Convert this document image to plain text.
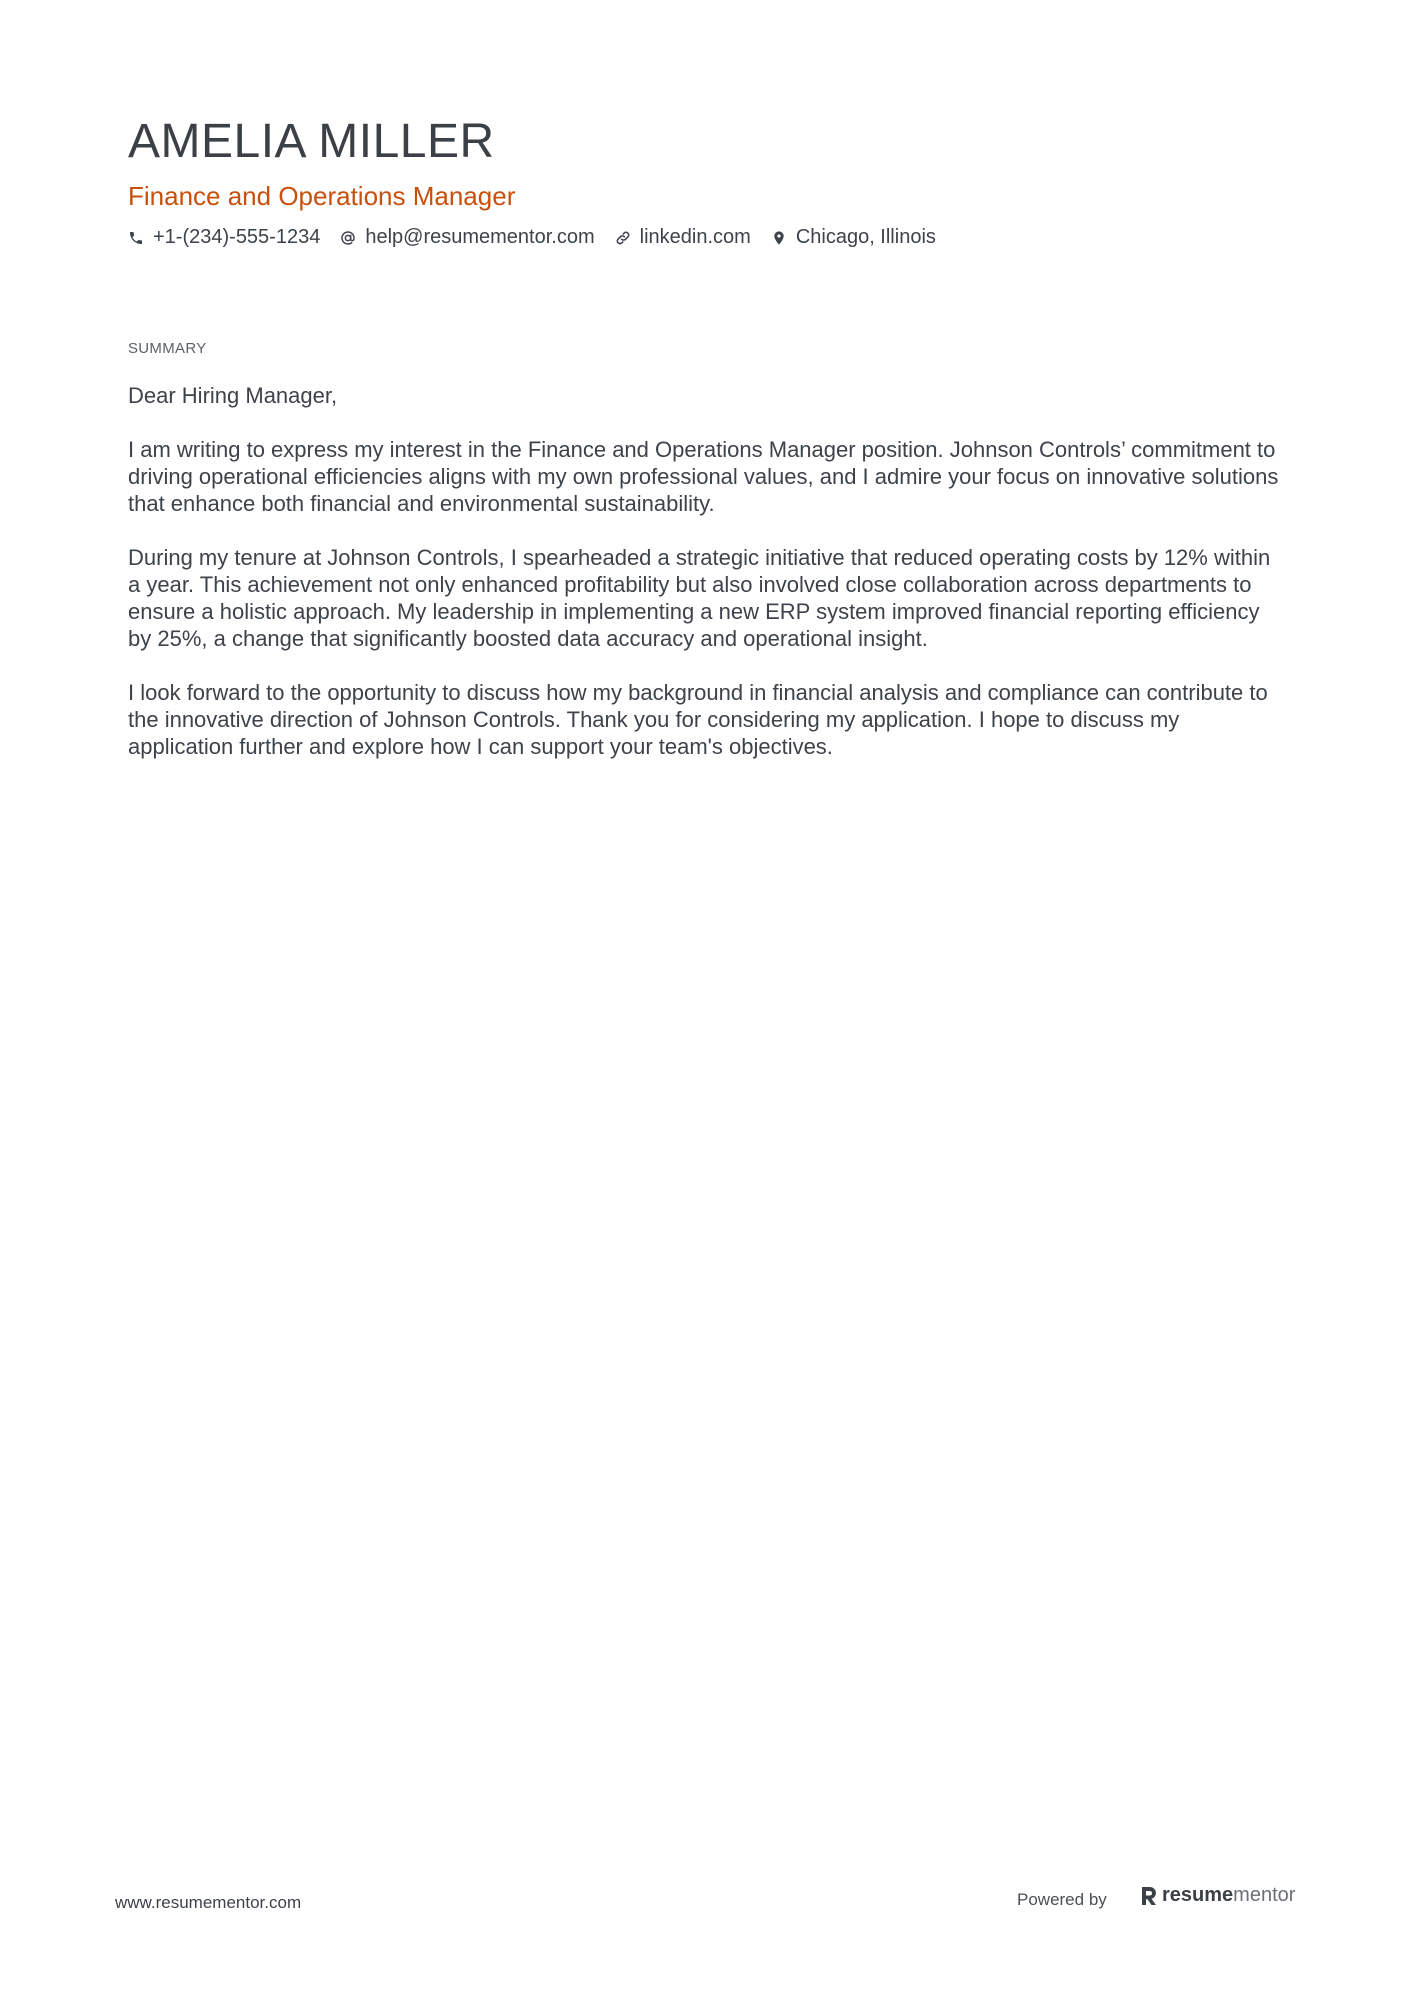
AMELIA MILLER
Finance and Operations Manager
+1-(234)-555-1234 help@resumementor.com linkedin.com Chicago, Illinois
SUMMARY

Dear Hiring Manager,

I am writing to express my interest in the Finance and Operations Manager position. Johnson Controls’ commitment to driving operational efficiencies aligns with my own professional values, and I admire your focus on innovative solutions that enhance both financial and environmental sustainability.

During my tenure at Johnson Controls, I spearheaded a strategic initiative that reduced operating costs by 12% within a year. This achievement not only enhanced profitability but also involved close collaboration across departments to ensure a holistic approach. My leadership in implementing a new ERP system improved financial reporting efficiency by 25%, a change that significantly boosted data accuracy and operational insight.

I look forward to the opportunity to discuss how my background in financial analysis and compliance can contribute to the innovative direction of Johnson Controls. Thank you for considering my application. I hope to discuss my application further and explore how I can support your team's objectives.

www.resumementor.com	Powered by	resume mentor
